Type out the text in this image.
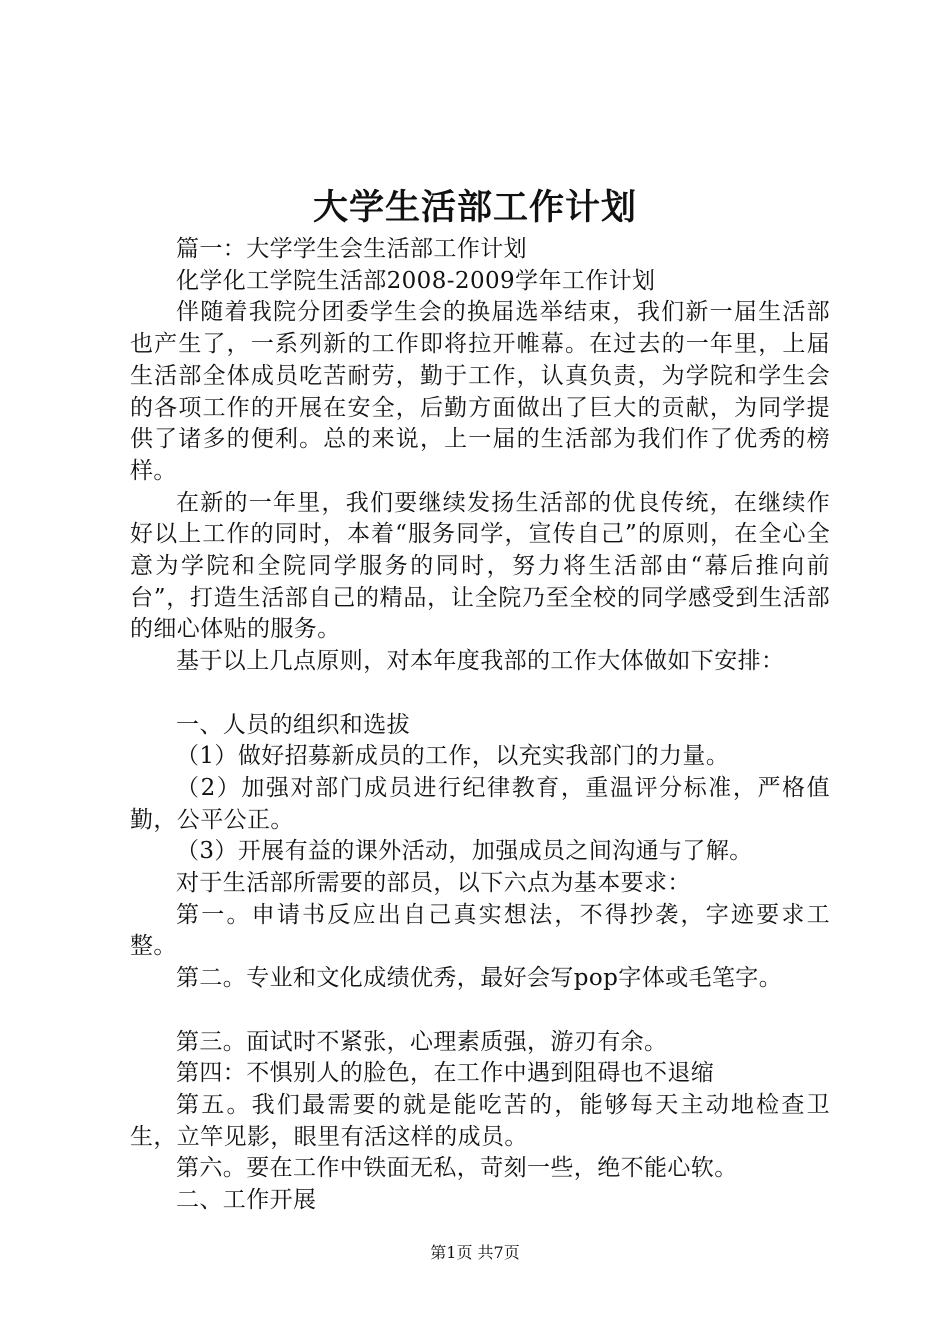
大学生活部工作计划

篇一：大学学生会生活部工作计划

化学化工学院生活部2008-2009学年工作计划

伴随着我院分团委学生会的换届选举结束，我们新一届生活部也产生了，一系列新的工作即将拉开帷幕。在过去的一年里，上届生活部全体成员吃苦耐劳，勤于工作，认真负责，为学院和学生会的各项工作的开展在安全，后勤方面做出了巨大的贡献，为同学提供了诸多的便利。总的来说，上一届的生活部为我们作了优秀的榜样。

在新的一年里，我们要继续发扬生活部的优良传统，在继续作好以上工作的同时，本着“服务同学，宣传自己”的原则，在全心全意为学院和全院同学服务的同时，努力将生活部由“幕后推向前台”，打造生活部自己的精品，让全院乃至全校的同学感受到生活部的细心体贴的服务。

基于以上几点原则，对本年度我部的工作大体做如下安排：

一、人员的组织和选拔

（1）做好招募新成员的工作，以充实我部门的力量。

（2）加强对部门成员进行纪律教育，重温评分标准，严格值勤，公平公正。

（3）开展有益的课外活动，加强成员之间沟通与了解。

对于生活部所需要的部员，以下六点为基本要求：

第一。申请书反应出自己真实想法，不得抄袭，字迹要求工整。

第二。专业和文化成绩优秀，最好会写pop字体或毛笔字。

第三。面试时不紧张，心理素质强，游刃有余。

第四：不惧别人的脸色，在工作中遇到阻碍也不退缩

第五。我们最需要的就是能吃苦的，能够每天主动地检查卫生，立竿见影，眼里有活这样的成员。

第六。要在工作中铁面无私，苛刻一些，绝不能心软。

二、工作开展

第1页 共7页
